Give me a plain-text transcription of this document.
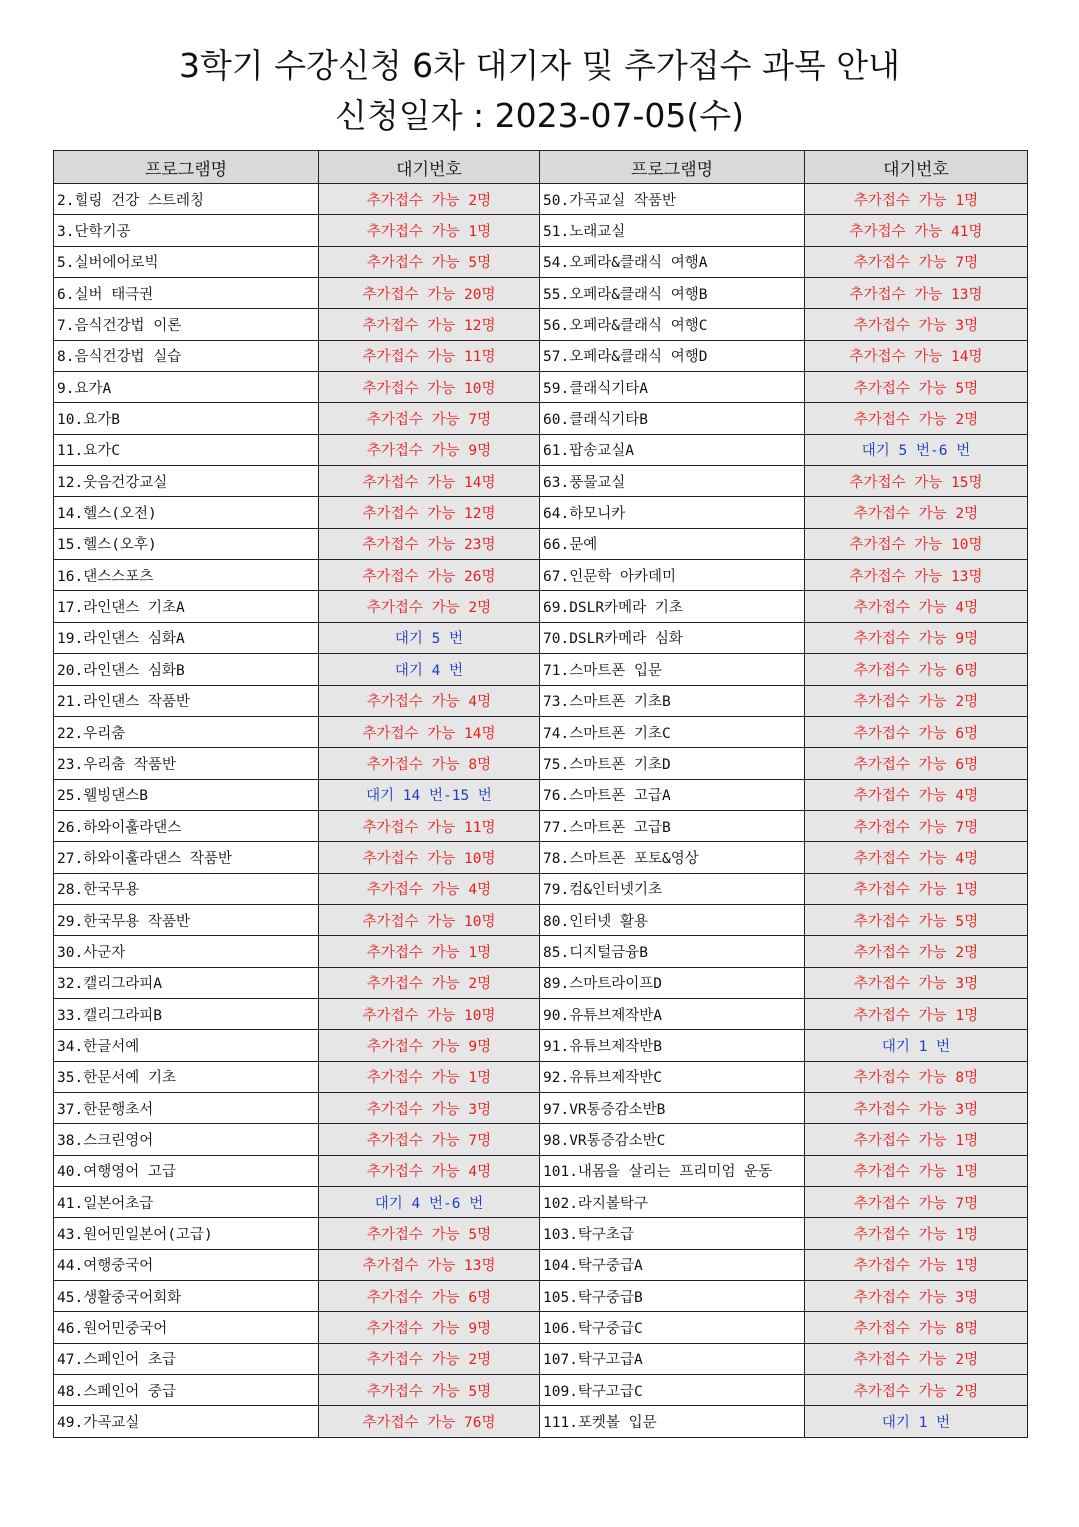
3학기 수강신청 6차 대기자 및 추가접수 과목 안내
신청일자 : 2023-07-05(수)
프로그램명	대기번호	프로그램명	대기번호
2.힐링 건강 스트레칭	추가접수 가능 2명	50.가곡교실 작품반	추가접수 가능 1명
3.단학기공	추가접수 가능 1명	51.노래교실	추가접수 가능 41명
5.실버에어로빅	추가접수 가능 5명	54.오페라&클래식 여행A	추가접수 가능 7명
6.실버 태극권	추가접수 가능 20명	55.오페라&클래식 여행B	추가접수 가능 13명
7.음식건강법 이론	추가접수 가능 12명	56.오페라&클래식 여행C	추가접수 가능 3명
8.음식건강법 실습	추가접수 가능 11명	57.오페라&클래식 여행D	추가접수 가능 14명
9.요가A	추가접수 가능 10명	59.클래식기타A	추가접수 가능 5명
10.요가B	추가접수 가능 7명	60.클래식기타B	추가접수 가능 2명
11.요가C	추가접수 가능 9명	61.팝송교실A	대기 5 번-6 번
12.웃음건강교실	추가접수 가능 14명	63.풍물교실	추가접수 가능 15명
14.헬스(오전)	추가접수 가능 12명	64.하모니카	추가접수 가능 2명
15.헬스(오후)	추가접수 가능 23명	66.문예	추가접수 가능 10명
16.댄스스포츠	추가접수 가능 26명	67.인문학 아카데미	추가접수 가능 13명
17.라인댄스 기초A	추가접수 가능 2명	69.DSLR카메라 기초	추가접수 가능 4명
19.라인댄스 심화A	대기 5 번	70.DSLR카메라 심화	추가접수 가능 9명
20.라인댄스 심화B	대기 4 번	71.스마트폰 입문	추가접수 가능 6명
21.라인댄스 작품반	추가접수 가능 4명	73.스마트폰 기초B	추가접수 가능 2명
22.우리춤	추가접수 가능 14명	74.스마트폰 기초C	추가접수 가능 6명
23.우리춤 작품반	추가접수 가능 8명	75.스마트폰 기초D	추가접수 가능 6명
25.웰빙댄스B	대기 14 번-15 번	76.스마트폰 고급A	추가접수 가능 4명
26.하와이훌라댄스	추가접수 가능 11명	77.스마트폰 고급B	추가접수 가능 7명
27.하와이훌라댄스 작품반	추가접수 가능 10명	78.스마트폰 포토&영상	추가접수 가능 4명
28.한국무용	추가접수 가능 4명	79.컴&인터넷기초	추가접수 가능 1명
29.한국무용 작품반	추가접수 가능 10명	80.인터넷 활용	추가접수 가능 5명
30.사군자	추가접수 가능 1명	85.디지털금융B	추가접수 가능 2명
32.캘리그라피A	추가접수 가능 2명	89.스마트라이프D	추가접수 가능 3명
33.캘리그라피B	추가접수 가능 10명	90.유튜브제작반A	추가접수 가능 1명
34.한글서예	추가접수 가능 9명	91.유튜브제작반B	대기 1 번
35.한문서예 기초	추가접수 가능 1명	92.유튜브제작반C	추가접수 가능 8명
37.한문행초서	추가접수 가능 3명	97.VR통증감소반B	추가접수 가능 3명
38.스크린영어	추가접수 가능 7명	98.VR통증감소반C	추가접수 가능 1명
40.여행영어 고급	추가접수 가능 4명	101.내몸을 살리는 프리미엄 운동	추가접수 가능 1명
41.일본어초급	대기 4 번-6 번	102.라지볼탁구	추가접수 가능 7명
43.원어민일본어(고급)	추가접수 가능 5명	103.탁구초급	추가접수 가능 1명
44.여행중국어	추가접수 가능 13명	104.탁구중급A	추가접수 가능 1명
45.생활중국어회화	추가접수 가능 6명	105.탁구중급B	추가접수 가능 3명
46.원어민중국어	추가접수 가능 9명	106.탁구중급C	추가접수 가능 8명
47.스페인어 초급	추가접수 가능 2명	107.탁구고급A	추가접수 가능 2명
48.스페인어 중급	추가접수 가능 5명	109.탁구고급C	추가접수 가능 2명
49.가곡교실	추가접수 가능 76명	111.포켓볼 입문	대기 1 번
